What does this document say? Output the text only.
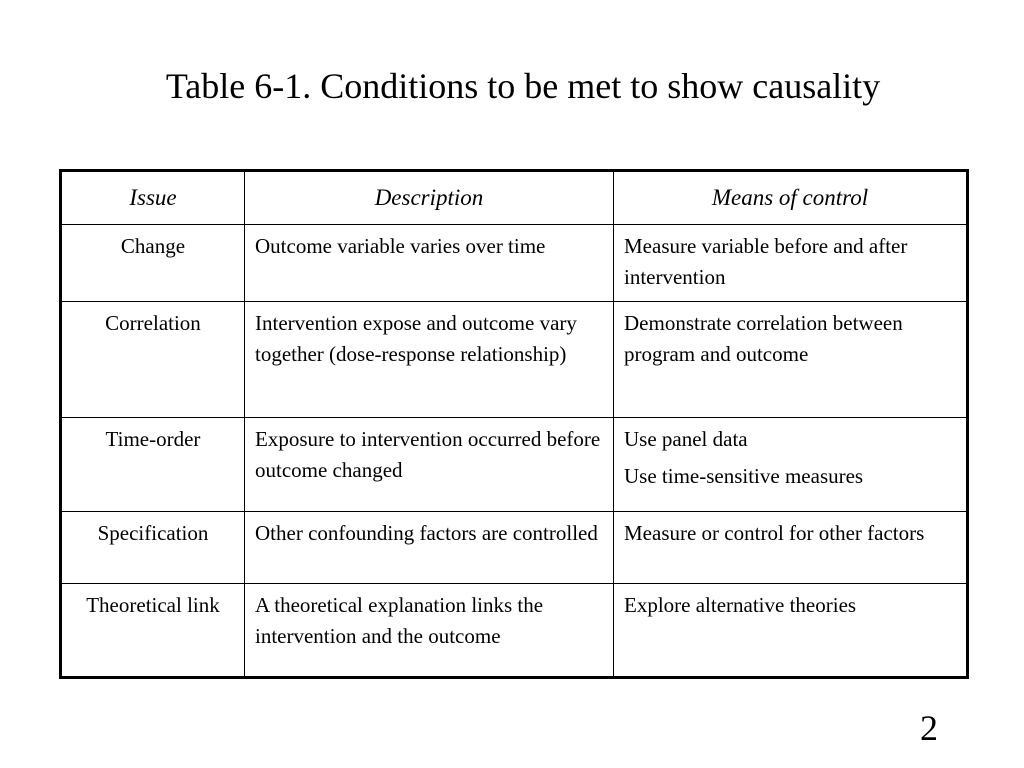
Table 6-1. Conditions to be met to show causality
Issue	Description	Means of control
Change	Outcome variable varies over time	Measure variable before and after intervention

Correlation	Intervention expose and outcome vary together (dose-response relationship)	Demonstrate correlation between program and outcome

Time-order	Exposure to intervention occurred before outcome changed	Use panel data
Use time-sensitive measures

Specification	Other confounding factors are controlled	Measure or control for other factors

Theoretical link	A theoretical explanation links the intervention and the outcome	Explore alternative theories
2
